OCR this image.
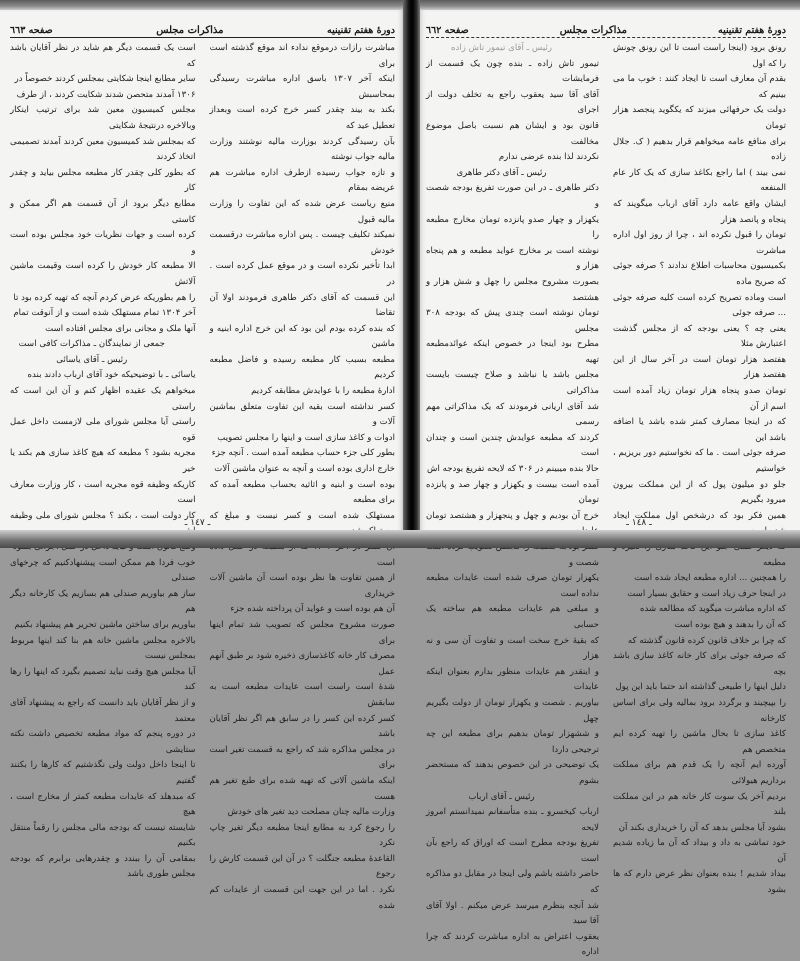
دورهٔ هفتم تقنینیه
مذاکرات مجلس
صفحه ٦٦٣

مباشرت رازات درموقع ندادء اند موقع گذشته است برای

اینکه آخر ۱۳۰۷ باسق اداره مباشرت رسیدگی بمحاسبش

بکند به بیند چقدر کسر خرج کرده است وبعداز تعطیل عید که

بآن رسیدگی کردند بوزارت مالیه نوشتند وزارت مالیه جواب نوشته

و تازه جواب رسیده ازطرف اداره مباشرت هم عریضه بمقام

منیع ریاست عرض شده که این تفاوت را وزارت مالیه قبول

نمیکند تکلیف چیست . پس اداره مباشرت درقسمت خودش

ابدا تأخیر نکرده است و در موقع عمل کرده است . در

این قسمت که آقای دکتر طاهری فرمودند اولا آن تقاضا

که بنده کرده بودم این بود که این خرج اداره ابنیه و ماشین

مطبعه بسبب کار مطبعه رسیده و فاضل مطبعه کردیم

ادارهٔ مطبعه را با عوایدش مطابقه کردیم

کسر نداشته است بقیه این تفاوت متعلق بماشین آلات و

ادوات و کاغذ سازی است و اینها را مجلس تصویب

بطور کلی جزء حساب مطبعه آمده است . آنچه جزء

خارج اداری بوده است و آنچه به عنوان ماشین آلات

بوده است و ابنیه و اثاثیه بحساب مطبعه آمده که برای مطبعه

مستهلک شده است و کسر نیست و مبلغ که

است

از همین تفاوت ها نظر بوده است آن ماشین آلات خریداری

آن هم بوده است و عواید آن پرداخته شده جزء

صورت مشروح مجلس که تصویب شد تمام اینها برای

مصرف کار خانه کاغذسازی ذخیره شود بر طبق آنهم عمل

شدهٔ است راست است عایدات مطبعه است به سابقش

کسر کرده این کسر را در سابق هم اگر نظر آقایان باشد

در مجلس مذاکره شد که راجع به قسمت تغیر است برای

اینکه ماشین آلاتی که تهیه شده برای طبع تغیر هم هست

وزارت مالیه چنان مصلحت دید تغیر های خودش

را رجوع کرد به مطابع اینجا مطبعه دیگر تغیر چاپ نکرد

القاعدهٔ مطبعه جنگلت ؟ در آن این قسمت کارش را رجوع

نکرد . اما در این جهت این قسمت از عایدات کم شده

است یک قسمت دیگر هم شاید در نظر آقایان باشد که

سایر مطابع اینجا شکایتی بمجلس کردند خصوصاً در

۱۳۰۶ آمدند متحصن شدند شکایت کردند ، از طرف

مجلس کمیسیون معین شد برای ترتیب اینکار وبالاخره درنتیجهٔ شکایتی

که بمجلس شد کمیسیون معین کردند آمدند تصمیمی اتخاذ کردند

که بطور کلی چقدر کار مطبعه مجلس بیاید و چقدر کار

مطابع دیگر برود از آن قسمت هم اگر ممکن و کاستی

کرده است و جهات نظریات خود مجلس بوده است و

الا مطبعه کار خودش را کرده است وقیمت ماشین آلاتش

را هم بطوریکه عرض کردم آنچه که تهیه کرده بود تا

آخر ۱۳۰۴ تمام مستهلک شده است و از آنوقت تمام

آنها ملک و مجانی برای مجلس افتاده است

جمعی از نمایندگان ـ مذاکرات کافی است

رئیس ـ آقای یاسائی

یاسائی ـ با توضیحیکه خود آقای ارباب دادند بنده

میخواهم یک عقیده اظهار کنم و آن این است که راستی

راستی آیا مجلس شورای ملی لازمست داخل عمل قوه

مجریه بشود ؟ مطبعه که هیچ کاغذ سازی هم بکند یا خیر

کاریکه وظیفه قوه مجریه است ، کار وزارت معارف است

کار دولت است ، بکند ؟ مجلس شورای ملی وظیفه

خوب فردا هم ممکن است پیشنهادکنیم که چرخهای صندلی

ساز هم بیاوریم صندلی هم بسازیم یک کارخانه دیگر هم

بیاوریم برای ساختن ماشین تحریر هم پیشنهاد بکنیم

بالاخره مجلس ماشین خانه هم بنا کند اینها مربوط بمجلس نیست

آیا مجلس هیچ وقت نباید تصمیم بگیرد که اینها را رها کند

و از نظر آقایان باید دانست که راجع به پیشنهاد آقای معتمد

در دوره پنجم که مواد مطبعه تخصیص داشت نکته ستایشی

تا اینجا داخل دولت ولی نگذشتیم که کارها را بکنند گفتیم

که مبدهلد که عایدات مطبعه کمتر از مخارج است ، هیچ

شایسته نیست که بودجه مالی مجلس را رقماً منتقل بکنیم

بمقامی آن را ببندد و چقدرهایی برابرم که بودجه مجلس طوری باشد

ـ ١٤٧ ـ
دورهٔ هفتم تقنینیه
مذاکرات مجلس
صفحه ٦٦٢

رونق برود (اینجا راست است تا این رونق چونش را که اول

بقدم آن معارف است تا ایجاد کنند : خوب ما می بینیم که

دولت یک حرفهائی میزند که یکگوید پنجصد هزار تومان

برای منافع عامه میخواهم قرار بدهیم ( ک. جلال زاده

نمی بیند ) اما راجع بکاغذ سازی که یک کار عام المنفعه

ایشان واقع عامه دارد آقای ارباب میگویند که پنجاه و پانصد هزار

تومان را قبول نکرده اند ، چرا از روز اول اداره مباشرت

بکمیسیون محاسبات اطلاع ندادند ؟ صرفه جوئی که صریح ماده

است وماده تصریح کرده است کلیه صرفه جوئی ... صرفه جوئی

یعنی چه ؟ یعنی بودجه که از مجلس گذشت اعتبارش مثلا

هفتصد هزار تومان است در آخر سال از این هفتصد هزار

تومان صدو پنجاه هزار تومان زیاد آمده است اسم از آن

که در اینجا مصارف کمتر شده باشد یا اضافه باشد این

صرفه جوئی است . ما که نخواستیم دور بریزیم ، خواستیم

جلو دو میلیون پول که از این مملکت بیرون میرود بگیریم

همین فکر بود که درشخص اول مملکت ایجاد

مطبعه

را همچنین ... اداره مطبعه ایجاد شده است

در اینجا حرف زیاد است و حقایق بسیار است

که اداره مباشرت میگوید که مطالعه شده

که آن را بدهند و هیچ بوده است

که چرا بر خلاف قانون کرده قانون گذشته که

که صرفه جوئی برای کار خانه کاغذ سازی باشد بچه

دلیل اینها را طبیعی گذاشته اند حتما باید این پول

را بپیچیند و برگردد برود بمالیه ولی برای اساس کارخانه

کاغذ سازی تا بحال ماشین را تهیه کرده ایم متخصص هم

آورده ایم آنچه را یک قدم هم برای مملکت برداریم هیولائی

بردیم آخر یک سوت کار خانه هم در این مملکت بلند

بشود آیا مجلس بدهد که آن را خریداری بکند آن

خود تماشی به داد و بیداد که آن ما زیاده شدیم آن

بیداد شدیم ! بنده بعنوان نظر عرض دارم که ها بشود

رئیس ـ آقای تیمور تاش زاده

تیمور تاش زاده ـ بنده چون یک قسمت از فرمایشات

آقای آقا سید یعقوب راجع به تخلف دولت از اجرای

قانون بود و ایشان هم نسبت باصل موضوع مخالفت

نکردند لذا بنده عرضی ندارم

رئیس ـ آقای دکتر طاهری

دکتر طاهری ـ در این صورت تفریغ بودجه شصت و

یکهزار و چهار صدو پانزده تومان مخارج مطبعه را

نوشته است بر مخارج عواید مطبعه و هم پنجاه هزار و

بصورت مشروح مجلس را چهل و شش هزار و هشتصد

تومان نوشته است چندی پیش که بودجه ۳۰۸ مجلس

مطرح بود اینجا در خصوص اینکه عوائدمطبعه تهیه

مجلس باشد یا نباشد و صلاح چیست بایست مذاکراتی

شد آقای اریانی فرمودند که یک مذاکراتی مهم رسمی

کردند که مطبعه عوایدش چندین است و چندان است

حالا بنده میبینم در ۳۰۶ که لایحه تفریغ بودجه اش

آمده است بیست و یکهزار و چهار صد و پانزده تومان

خرج آن بودیم و چهل و پنجهزار و هشتصد تومان

شصت و

یکهزار تومان صرف شده است عایدات مطبعه نداده است

و مبلغی هم عایدات مطبعه هم ساخته یک حسابی

که بقیهٔ خرج سخت است و تفاوت آن سی و نه هزار

و اینقدر هم عایدات منظور بدارم بعنوان اینکه عایدات

بیاوریم . شصت و یکهزار تومان از دولت بگیریم چهل

و ششهزار تومان بدهیم برای مطبعه این چه ترجیحی داردا

یک توضیحی در این خصوص بدهند که مستحضر بشوم

رئیس ـ آقای ارباب

ارباب کیخسرو ـ بنده متأسفانم نمیدانستم امروز لایحه

تفریغ بودجه مطرح است که اوراق که راجع بآن است

حاضر داشته باشم ولی اینجا در مقابل دو مذاکره که

شد آنچه بنظرم میرسد عرض میکنم . اولا آقای آقا سید

یعقوب اعتراض به اداره مباشرت کردند که چرا اداره

ـ ١٤٨ ـ
